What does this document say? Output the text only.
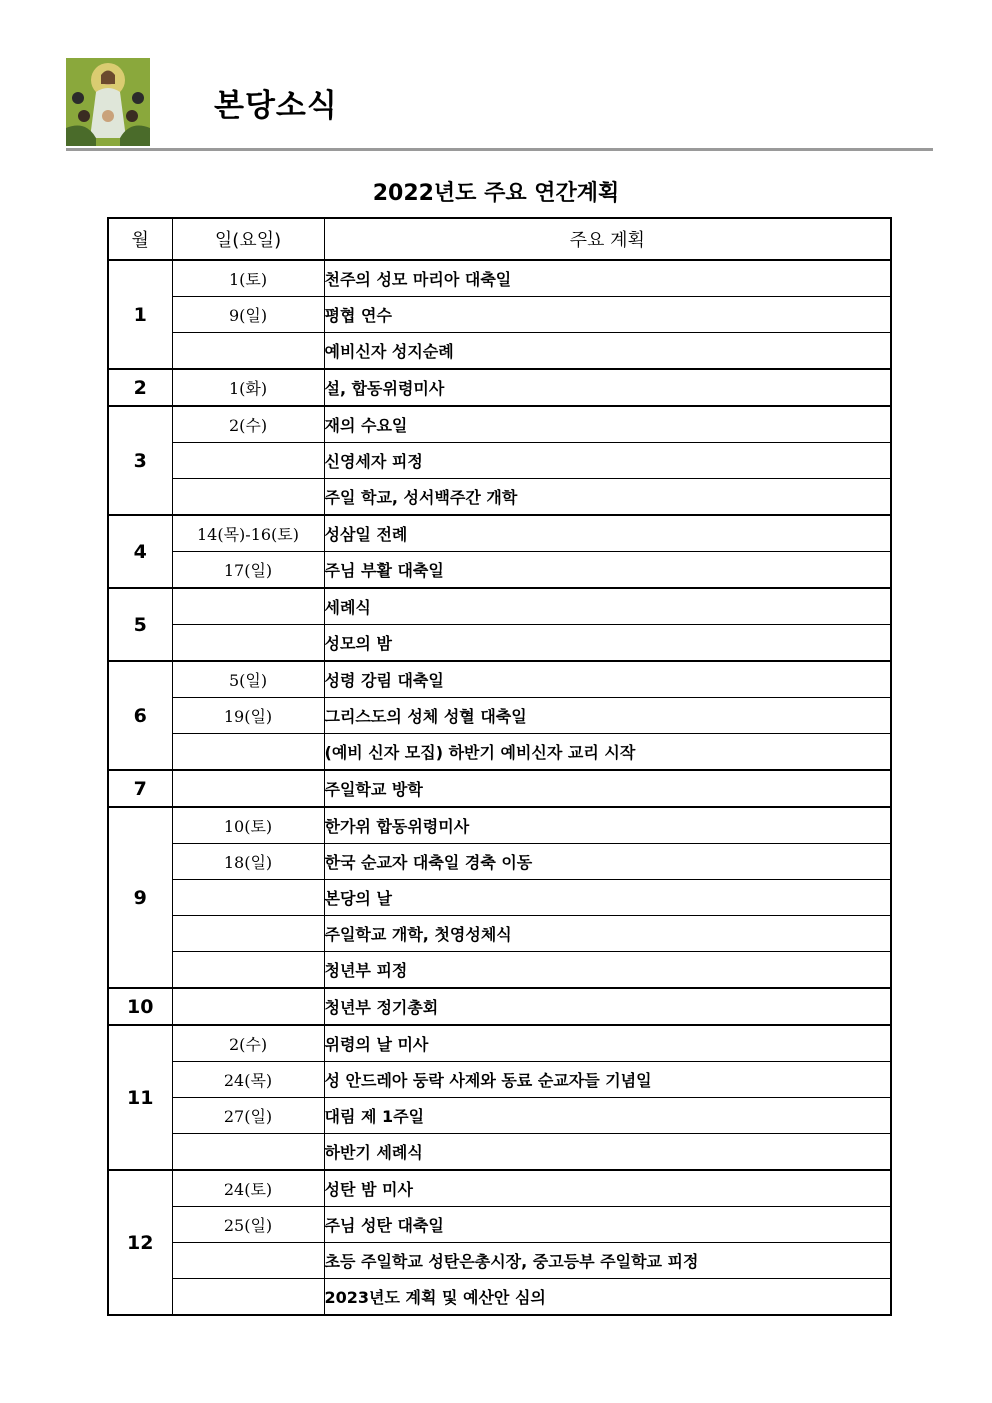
본당소식
2022년도 주요 연간계획
월	일(요일)	주요 계획
1	1(토)	천주의 성모 마리아 대축일
	9(일)	평협 연수
		예비신자 성지순례
2	1(화)	설, 합동위령미사
3	2(수)	재의 수요일
		신영세자 피정
		주일 학교, 성서백주간 개학
4	14(목)-16(토)	성삼일 전례
	17(일)	주님 부활 대축일
5		세례식
		성모의 밤
6	5(일)	성령 강림 대축일
	19(일)	그리스도의 성체 성혈 대축일
		(예비 신자 모집) 하반기 예비신자 교리 시작
7		주일학교 방학
9	10(토)	한가위 합동위령미사
	18(일)	한국 순교자 대축일 경축 이동
		본당의 날
		주일학교 개학, 첫영성체식
		청년부 피정
10		청년부 정기총회
11	2(수)	위령의 날 미사
	24(목)	성 안드레아 둥락 사제와 동료 순교자들 기념일
	27(일)	대림 제 1주일
		하반기 세례식
12	24(토)	성탄 밤 미사
	25(일)	주님 성탄 대축일
		초등 주일학교 성탄은총시장, 중고등부 주일학교 피정
		2023년도 계획 및 예산안 심의
